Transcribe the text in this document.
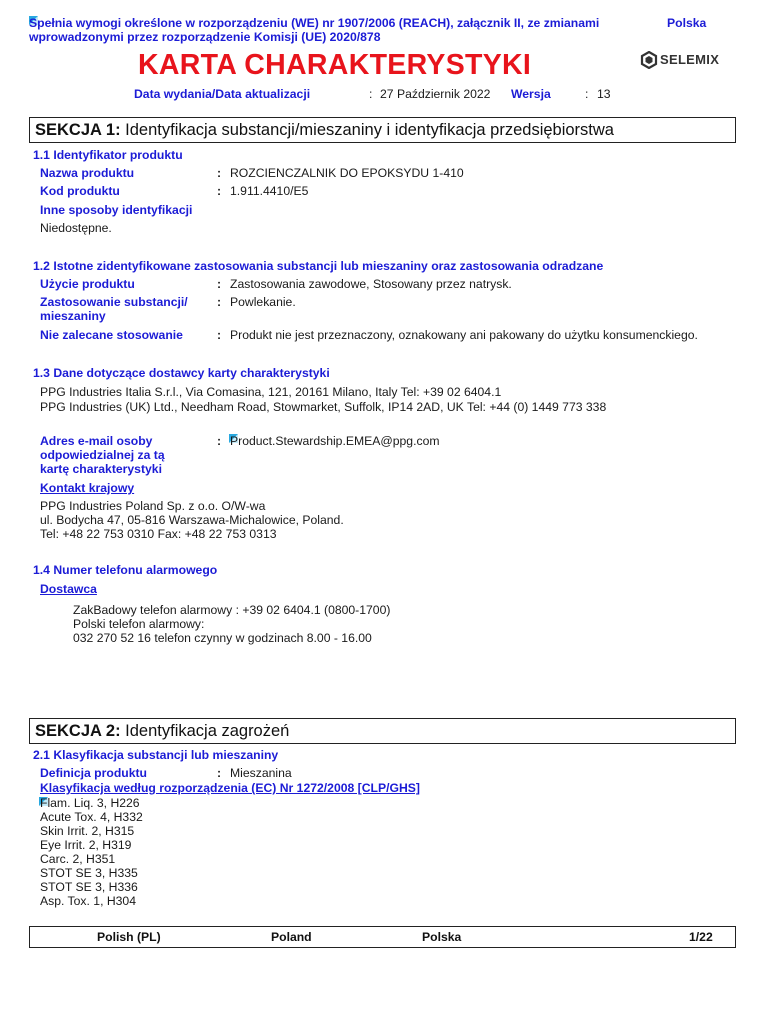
Spełnia wymogi określone w rozporządzeniu (WE) nr 1907/2006 (REACH), załącznik II, ze zmianami
wprowadzonymi przez rozporządzenie Komisji (UE) 2020/878
Polska
KARTA CHARAKTERYSTYKI	SELEMIX
Data wydania/Data aktualizacji	: 27 Październik 2022 Wersja	: 13
SEKCJA 1: Identyfikacja substancji/mieszaniny i identyfikacja przedsiębiorstwa
1.1 Identyfikator produktu
Nazwa produktu	: ROZCIENCZALNIK DO EPOKSYDU 1-410
Kod produktu	: 1.911.4410/E5
Inne sposoby identyfikacji
Niedostępne.
1.2 Istotne zidentyfikowane zastosowania substancji lub mieszaniny oraz zastosowania odradzane
Użycie produktu	: Zastosowania zawodowe, Stosowany przez natrysk.
Zastosowanie substancji/
mieszaniny
: Powlekanie.
Nie zalecane stosowanie	: Produkt nie jest przeznaczony, oznakowany ani pakowany do użytku konsumenckiego.
1.3 Dane dotyczące dostawcy karty charakterystyki
PPG Industries Italia S.r.l., Via Comasina, 121, 20161 Milano, Italy Tel: +39 02 6404.1
PPG Industries (UK) Ltd., Needham Road, Stowmarket, Suffolk, IP14 2AD, UK Tel: +44 (0) 1449 773 338
Adres e-mail osoby
odpowiedzialnej za tą
kartę charakterystyki
: Product.Stewardship.EMEA@ppg.com
Kontakt krajowy
PPG Industries Poland Sp. z o.o. O/W-wa
ul. Bodycha 47, 05-816 Warszawa-Michalowice, Poland.
Tel: +48 22 753 0310 Fax: +48 22 753 0313
1.4 Numer telefonu alarmowego
Dostawca
ZakBadowy telefon alarmowy : +39 02 6404.1 (0800-1700)
Polski telefon alarmowy:
032 270 52 16 telefon czynny w godzinach 8.00 - 16.00
SEKCJA 2: Identyfikacja zagrożeń
2.1 Klasyfikacja substancji lub mieszaniny
Definicja produktu	: Mieszanina
Klasyfikacja według rozporządzenia (EC) Nr 1272/2008 [CLP/GHS]
Flam. Liq. 3, H226
Acute Tox. 4, H332
Skin Irrit. 2, H315
Eye Irrit. 2, H319
Carc. 2, H351
STOT SE 3, H335
STOT SE 3, H336
Asp. Tox. 1, H304
Polish (PL)	Poland	Polska	1/22
